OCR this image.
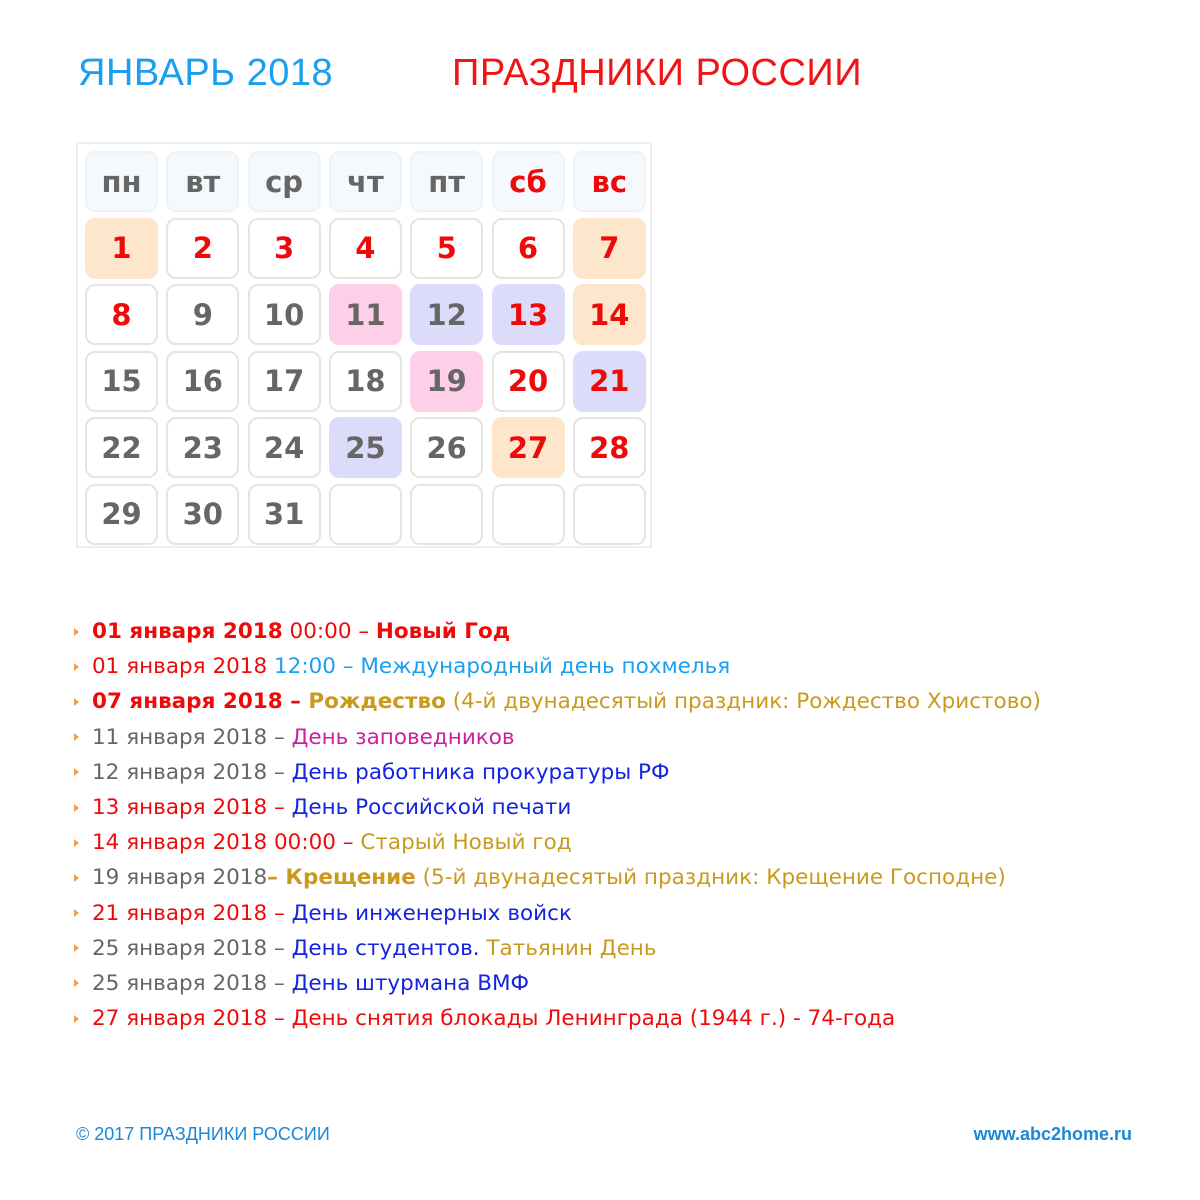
ЯНВАРЬ 2018	ПРАЗДНИКИ РОССИИ
пн	вт	ср	чт	пт	сб	вс
1	2	3	4	5	6	7
8	9	10	11	12	13	14
15	16	17	18	19	20	21
22	23	24	25	26	27	28
29	30	31
01 января 2018 00:00 – Новый Год
01 января 2018 12:00 – Международный день похмелья
07 января 2018 – Рождество (4-й двунадесятый праздник: Рождество Христово)
11 января 2018 – День заповедников
12 января 2018 – День работника прокуратуры РФ
13 января 2018 – День Российской печати
14 января 2018 00:00 – Старый Новый год
19 января 2018 – Крещение (5-й двунадесятый праздник: Крещение Господне)
21 января 2018 – День инженерных войск
25 января 2018 – День студентов. Татьянин День
25 января 2018 – День штурмана ВМФ
27 января 2018 – День снятия блокады Ленинграда (1944 г.) - 74-года
© 2017 ПРАЗДНИКИ РОССИИ	www.abc2home.ru
